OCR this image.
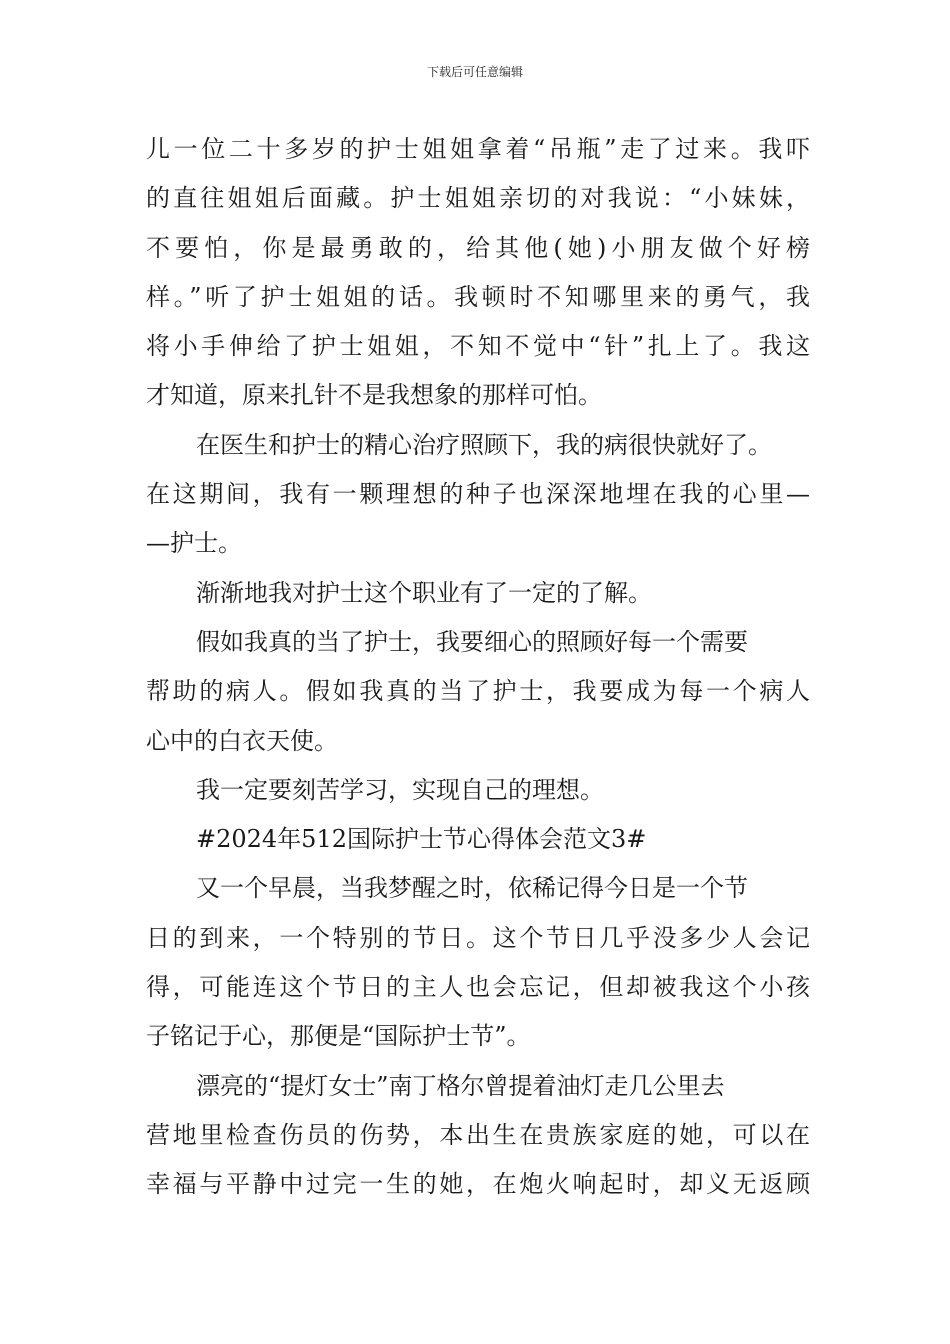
下载后可任意编辑
儿一位二十多岁的护士姐姐拿着“吊瓶”走了过来。我吓
的直往姐姐后面藏。护士姐姐亲切的对我说：“小妹妹，
不要怕，你是最勇敢的，给其他(她)小朋友做个好榜
样。”听了护士姐姐的话。我顿时不知哪里来的勇气，我
将小手伸给了护士姐姐，不知不觉中“针”扎上了。我这
才知道，原来扎针不是我想象的那样可怕。
在医生和护士的精心治疗照顾下，我的病很快就好了。
在这期间，我有一颗理想的种子也深深地埋在我的心里—
—护士。
渐渐地我对护士这个职业有了一定的了解。
假如我真的当了护士，我要细心的照顾好每一个需要
帮助的病人。假如我真的当了护士，我要成为每一个病人
心中的白衣天使。
我一定要刻苦学习，实现自己的理想。
#2024年512国际护士节心得体会范文3#
又一个早晨，当我梦醒之时，依稀记得今日是一个节
日的到来，一个特别的节日。这个节日几乎没多少人会记
得，可能连这个节日的主人也会忘记，但却被我这个小孩
子铭记于心，那便是“国际护士节”。
漂亮的“提灯女士”南丁格尔曾提着油灯走几公里去
营地里检查伤员的伤势，本出生在贵族家庭的她，可以在
幸福与平静中过完一生的她，在炮火响起时，却义无返顾
